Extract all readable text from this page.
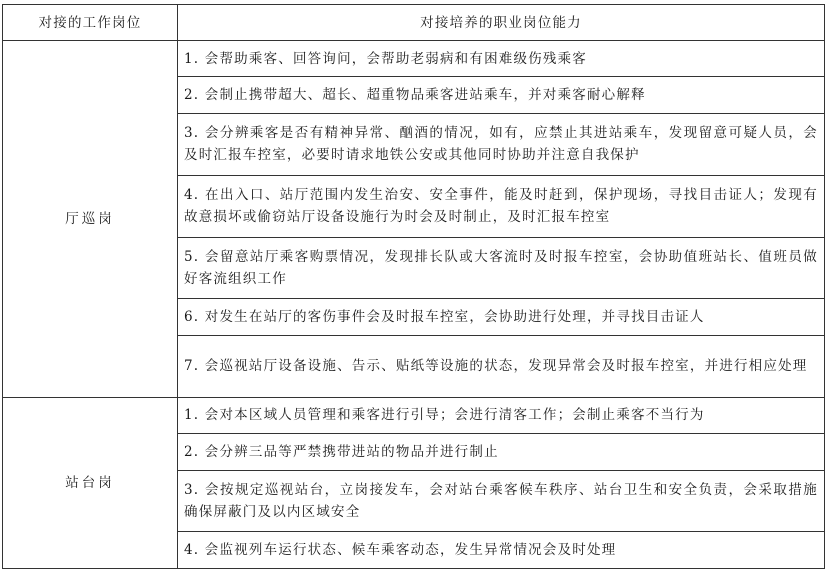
对接的工作岗位	对接培养的职业岗位能力
厅巡岗	1. 会帮助乘客、回答询问，会帮助老弱病和有困难级伤残乘客
	2. 会制止携带超大、超长、超重物品乘客进站乘车，并对乘客耐心解释
	3. 会分辨乘客是否有精神异常、酗酒的情况，如有，应禁止其进站乘车，发现留意可疑人员，会及时汇报车控室，必要时请求地铁公安或其他同时协助并注意自我保护
	4. 在出入口、站厅范围内发生治安、安全事件，能及时赶到，保护现场，寻找目击证人；发现有故意损坏或偷窃站厅设备设施行为时会及时制止，及时汇报车控室
	5. 会留意站厅乘客购票情况，发现排长队或大客流时及时报车控室，会协助值班站长、值班员做好客流组织工作
	6. 对发生在站厅的客伤事件会及时报车控室，会协助进行处理，并寻找目击证人
	7. 会巡视站厅设备设施、告示、贴纸等设施的状态，发现异常会及时报车控室，并进行相应处理
站台岗	1. 会对本区域人员管理和乘客进行引导；会进行清客工作；会制止乘客不当行为
	2. 会分辨三品等严禁携带进站的物品并进行制止
	3. 会按规定巡视站台，立岗接发车，会对站台乘客候车秩序、站台卫生和安全负责，会采取措施确保屏蔽门及以内区域安全
	4. 会监视列车运行状态、候车乘客动态，发生异常情况会及时处理
